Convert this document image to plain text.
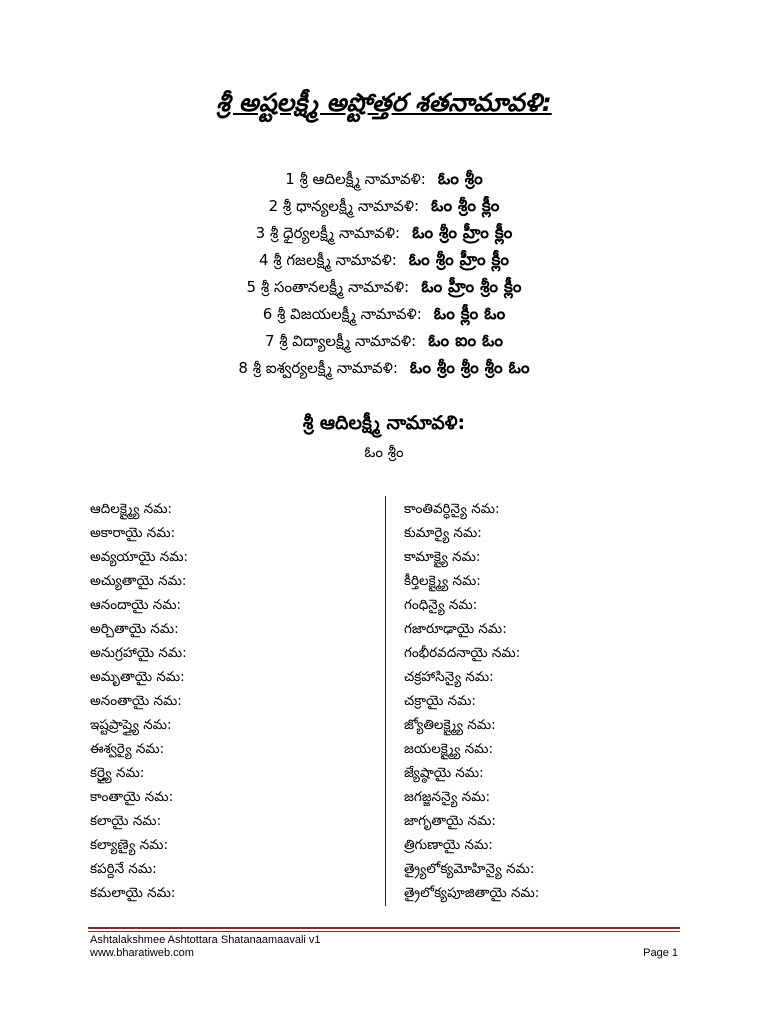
శ్రీ అష్టలక్ష్మీ అష్టోత్తర శతనామావళి:
1 శ్రీ ఆదిలక్ష్మీ నామావళి: ఓం శ్రీం
2 శ్రీ ధాన్యలక్ష్మీ నామావళి: ఓం శ్రీం క్లీం
3 శ్రీ ధైర్యలక్ష్మీ నామావళి: ఓం శ్రీం హ్రీం క్లీం
4 శ్రీ గజలక్ష్మీ నామావళి: ఓం శ్రీం హ్రీం క్లీం
5 శ్రీ సంతానలక్ష్మీ నామావళి: ఓం హ్రీం శ్రీం క్లీం
6 శ్రీ విజయలక్ష్మీ నామావళి: ఓం క్లీం ఓం
7 శ్రీ విద్యాలక్ష్మీ నామావళి: ఓం ఐం ఓం
8 శ్రీ ఐశ్వర్యలక్ష్మీ నామావళి: ఓం శ్రీం శ్రీం శ్రీం ఓం
శ్రీ ఆదిలక్ష్మీ నామావళి:
ఓం శ్రీం
ఆదిలక్ష్మ్యై నమ:
అకారాయై నమ:
అవ్యయాయై నమ:
అచ్యుతాయై నమ:
ఆనందాయై నమ:
అర్చితాయై నమ:
అనుగ్రహాయై నమ:
అమృతాయై నమ:
అనంతాయై నమ:
ఇష్టప్రాప్త్యై నమ:
ఈశ్వర్యై నమ:
కర్త్ర్యై నమ:
కాంతాయై నమ:
కలాయై నమ:
కల్యాణ్యై నమ:
కపర్దినే నమ:
కమలాయై నమ:
కాంతివర్ధిన్యై నమ:
కుమార్యై నమ:
కామాక్ష్యై నమ:
కీర్తిలక్ష్మ్యై నమ:
గంధిన్యై నమ:
గజారూఢాయై నమ:
గంభీరవదనాయై నమ:
చక్రహాసిన్యై నమ:
చక్రాయై నమ:
జ్యోతిలక్ష్మ్యై నమ:
జయలక్ష్మ్యై నమ:
జ్యేష్ఠాయై నమ:
జగజ్జనన్యై నమ:
జాగృతాయై నమ:
త్రిగుణాయై నమ:
త్ర్యైలోక్యమోహిన్యై నమ:
త్రైలోక్యపూజితాయై నమ:
Ashtalakshmee Ashtottara Shatanaamaavali v1
www.bharatiweb.com	Page 1
